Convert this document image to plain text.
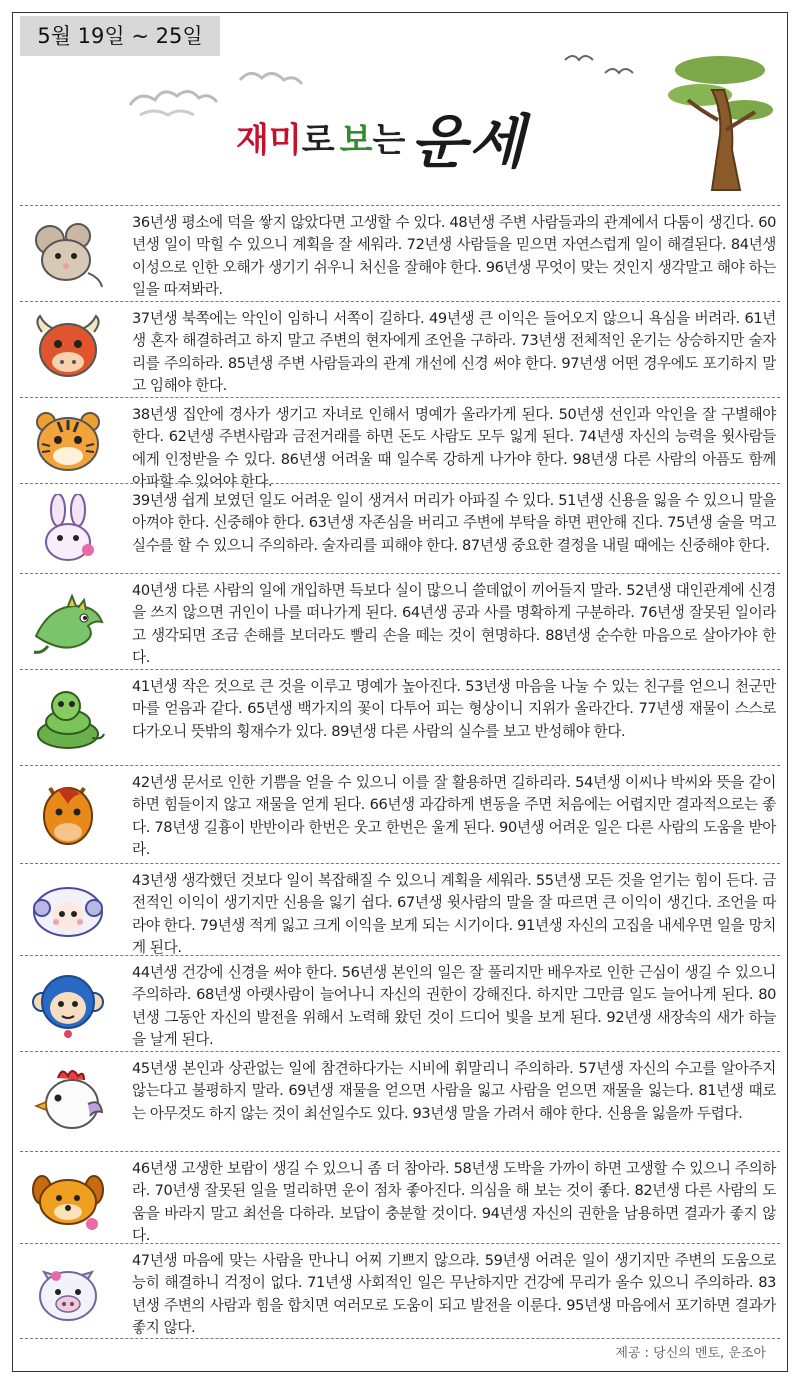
5월 19일 ~ 25일
재미로 보는 운세
36년생 평소에 덕을 쌓지 않았다면 고생할 수 있다. 48년생 주변 사람들과의 관계에서 다툼이 생긴다. 60년생 일이 막힐 수 있으니 계획을 잘 세워라. 72년생 사람들을 믿으면 자연스럽게 일이 해결된다. 84년생 이성으로 인한 오해가 생기기 쉬우니 처신을 잘해야 한다. 96년생 무엇이 맞는 것인지 생각말고 해야 하는 일을 따져봐라.
37년생 북쪽에는 악인이 임하니 서쪽이 길하다. 49년생 큰 이익은 들어오지 않으니 욕심을 버려라. 61년생 혼자 해결하려고 하지 말고 주변의 현자에게 조언을 구하라. 73년생 전체적인 운기는 상승하지만 술자리를 주의하라. 85년생 주변 사람들과의 관계 개선에 신경 써야 한다. 97년생 어떤 경우에도 포기하지 말고 임해야 한다.
38년생 집안에 경사가 생기고 자녀로 인해서 명예가 올라가게 된다. 50년생 선인과 악인을 잘 구별해야 한다. 62년생 주변사람과 금전거래를 하면 돈도 사람도 모두 잃게 된다. 74년생 자신의 능력을 윗사람들에게 인정받을 수 있다. 86년생 어려울 때 일수록 강하게 나가야 한다. 98년생 다른 사람의 아픔도 함께 아파할 수 있어야 한다.
39년생 쉽게 보였던 일도 어려운 일이 생겨서 머리가 아파질 수 있다. 51년생 신용을 잃을 수 있으니 말을 아껴야 한다. 신중해야 한다. 63년생 자존심을 버리고 주변에 부탁을 하면 편안해 진다. 75년생 술을 먹고 실수를 할 수 있으니 주의하라. 술자리를 피해야 한다. 87년생 중요한 결정을 내릴 때에는 신중해야 한다.
40년생 다른 사람의 일에 개입하면 득보다 실이 많으니 쓸데없이 끼어들지 말라. 52년생 대인관계에 신경을 쓰지 않으면 귀인이 나를 떠나가게 된다. 64년생 공과 사를 명확하게 구분하라. 76년생 잘못된 일이라고 생각되면 조금 손해를 보더라도 빨리 손을 떼는 것이 현명하다. 88년생 순수한 마음으로 살아가야 한다.
41년생 작은 것으로 큰 것을 이루고 명예가 높아진다. 53년생 마음을 나눌 수 있는 친구를 얻으니 천군만마를 얻음과 같다. 65년생 백가지의 꽃이 다투어 피는 형상이니 지위가 올라간다. 77년생 재물이 스스로 다가오니 뜻밖의 횡재수가 있다. 89년생 다른 사람의 실수를 보고 반성해야 한다.
42년생 문서로 인한 기쁨을 얻을 수 있으니 이를 잘 활용하면 길하리라. 54년생 이씨나 박씨와 뜻을 같이하면 힘들이지 않고 재물을 얻게 된다. 66년생 과감하게 변동을 주면 처음에는 어렵지만 결과적으로는 좋다. 78년생 길흉이 반반이라 한번은 웃고 한번은 울게 된다. 90년생 어려운 일은 다른 사람의 도움을 받아라.
43년생 생각했던 것보다 일이 복잡해질 수 있으니 계획을 세워라. 55년생 모든 것을 얻기는 힘이 든다. 금전적인 이익이 생기지만 신용을 잃기 쉽다. 67년생 윗사람의 말을 잘 따르면 큰 이익이 생긴다. 조언을 따라야 한다. 79년생 적게 잃고 크게 이익을 보게 되는 시기이다. 91년생 자신의 고집을 내세우면 일을 망치게 된다.
44년생 건강에 신경을 써야 한다. 56년생 본인의 일은 잘 풀리지만 배우자로 인한 근심이 생길 수 있으니 주의하라. 68년생 아랫사람이 늘어나니 자신의 권한이 강해진다. 하지만 그만큼 일도 늘어나게 된다. 80년생 그동안 자신의 발전을 위해서 노력해 왔던 것이 드디어 빛을 보게 된다. 92년생 새장속의 새가 하늘을 날게 된다.
45년생 본인과 상관없는 일에 참견하다가는 시비에 휘말리니 주의하라. 57년생 자신의 수고를 알아주지 않는다고 불평하지 말라. 69년생 재물을 얻으면 사람을 잃고 사람을 얻으면 재물을 잃는다. 81년생 때로는 아무것도 하지 않는 것이 최선일수도 있다. 93년생 말을 가려서 해야 한다. 신용을 잃을까 두렵다.
46년생 고생한 보람이 생길 수 있으니 좀 더 참아라. 58년생 도박을 가까이 하면 고생할 수 있으니 주의하라. 70년생 잘못된 일을 멀리하면 운이 점차 좋아진다. 의심을 해 보는 것이 좋다. 82년생 다른 사람의 도움을 바라지 말고 최선을 다하라. 보답이 충분할 것이다. 94년생 자신의 권한을 남용하면 결과가 좋지 않다.
47년생 마음에 맞는 사람을 만나니 어찌 기쁘지 않으랴. 59년생 어려운 일이 생기지만 주변의 도움으로 능히 해결하니 걱정이 없다. 71년생 사회적인 일은 무난하지만 건강에 무리가 올수 있으니 주의하라. 83년생 주변의 사람과 힘을 합치면 여러모로 도움이 되고 발전을 이룬다. 95년생 마음에서 포기하면 결과가 좋지 않다.
제공 : 당신의 멘토, 운조아
